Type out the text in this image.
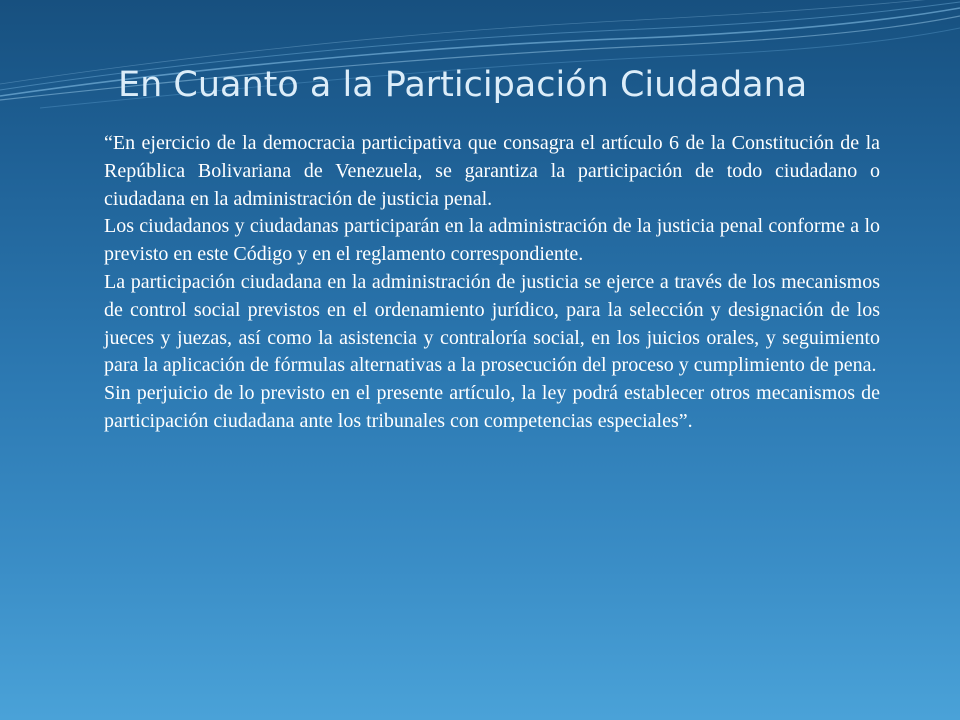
En Cuanto a la Participación Ciudadana

“En ejercicio de la democracia participativa que consagra el artículo 6 de la Constitución de la República Bolivariana de Venezuela, se garantiza la participación de todo ciudadano o ciudadana en la administración de justicia penal.

Los ciudadanos y ciudadanas participarán en la administración de la justicia penal conforme a lo previsto en este Código y en el reglamento correspondiente.

La participación ciudadana en la administración de justicia se ejerce a través de los mecanismos de control social previstos en el ordenamiento jurídico, para la selección y designación de los jueces y juezas, así como la asistencia y contraloría social, en los juicios orales, y seguimiento para la aplicación de fórmulas alternativas a la prosecución del proceso y cumplimiento de pena.

Sin perjuicio de lo previsto en el presente artículo, la ley podrá establecer otros mecanismos de participación ciudadana ante los tribunales con competencias especiales”.
